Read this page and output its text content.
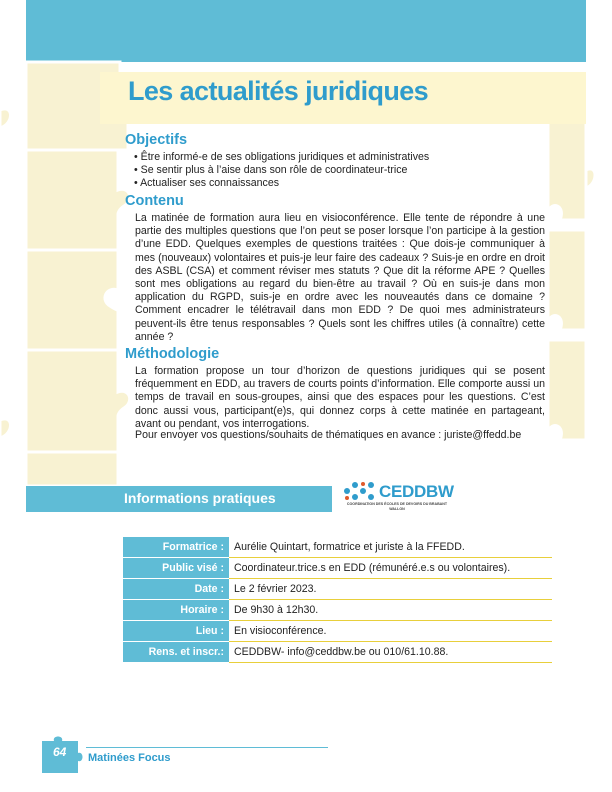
Les actualités juridiques
Objectifs
• Être informé-e de ses obligations juridiques et administratives
• Se sentir plus à l’aise dans son rôle de coordinateur-trice
• Actualiser ses connaissances
Contenu

La matinée de formation aura lieu en visioconférence. Elle tente de répondre à une partie des multiples questions que l’on peut se poser lorsque l’on participe à la gestion d’une EDD. Quelques exemples de questions traitées : Que dois-je communiquer à mes (nouveaux) volontaires et puis-je leur faire des cadeaux ? Suis-je en ordre en droit des ASBL (CSA) et comment réviser mes statuts ? Que dit la réforme APE ? Quelles sont mes obligations au regard du bien-être au travail ? Où en suis-je dans mon application du RGPD, suis-je en ordre avec les nouveautés dans ce domaine ? Comment encadrer le télétravail dans mon EDD ? De quoi mes administrateurs peuvent-ils être tenus responsables ? Quels sont les chiffres utiles (à connaître) cette année ?

Méthodologie

La formation propose un tour d’horizon de questions juridiques qui se posent fréquemment en EDD, au travers de courts points d’information. Elle comporte aussi un temps de travail en sous-groupes, ainsi que des espaces pour les questions. C’est donc aussi vous, participant(e)s, qui donnez corps à cette matinée en partageant, avant ou pendant, vos interrogations.

Pour envoyer vos questions/souhaits de thématiques en avance : juriste@ffedd.be

Informations pratiques	CEDDBW
COORDINATION DES ÉCOLES DE DEVOIRS DU BRABANT WALLON
Formatrice :	Aurélie Quintart, formatrice et juriste à la FFEDD.
Public visé :	Coordinateur.trice.s en EDD (rémunéré.e.s ou volontaires).
Date :	Le 2 février 2023.
Horaire :	De 9h30 à 12h30.
Lieu :	En visioconférence.
Rens. et inscr.:	CEDDBW- info@ceddbw.be ou 010/61.10.88.
64 Matinées Focus
